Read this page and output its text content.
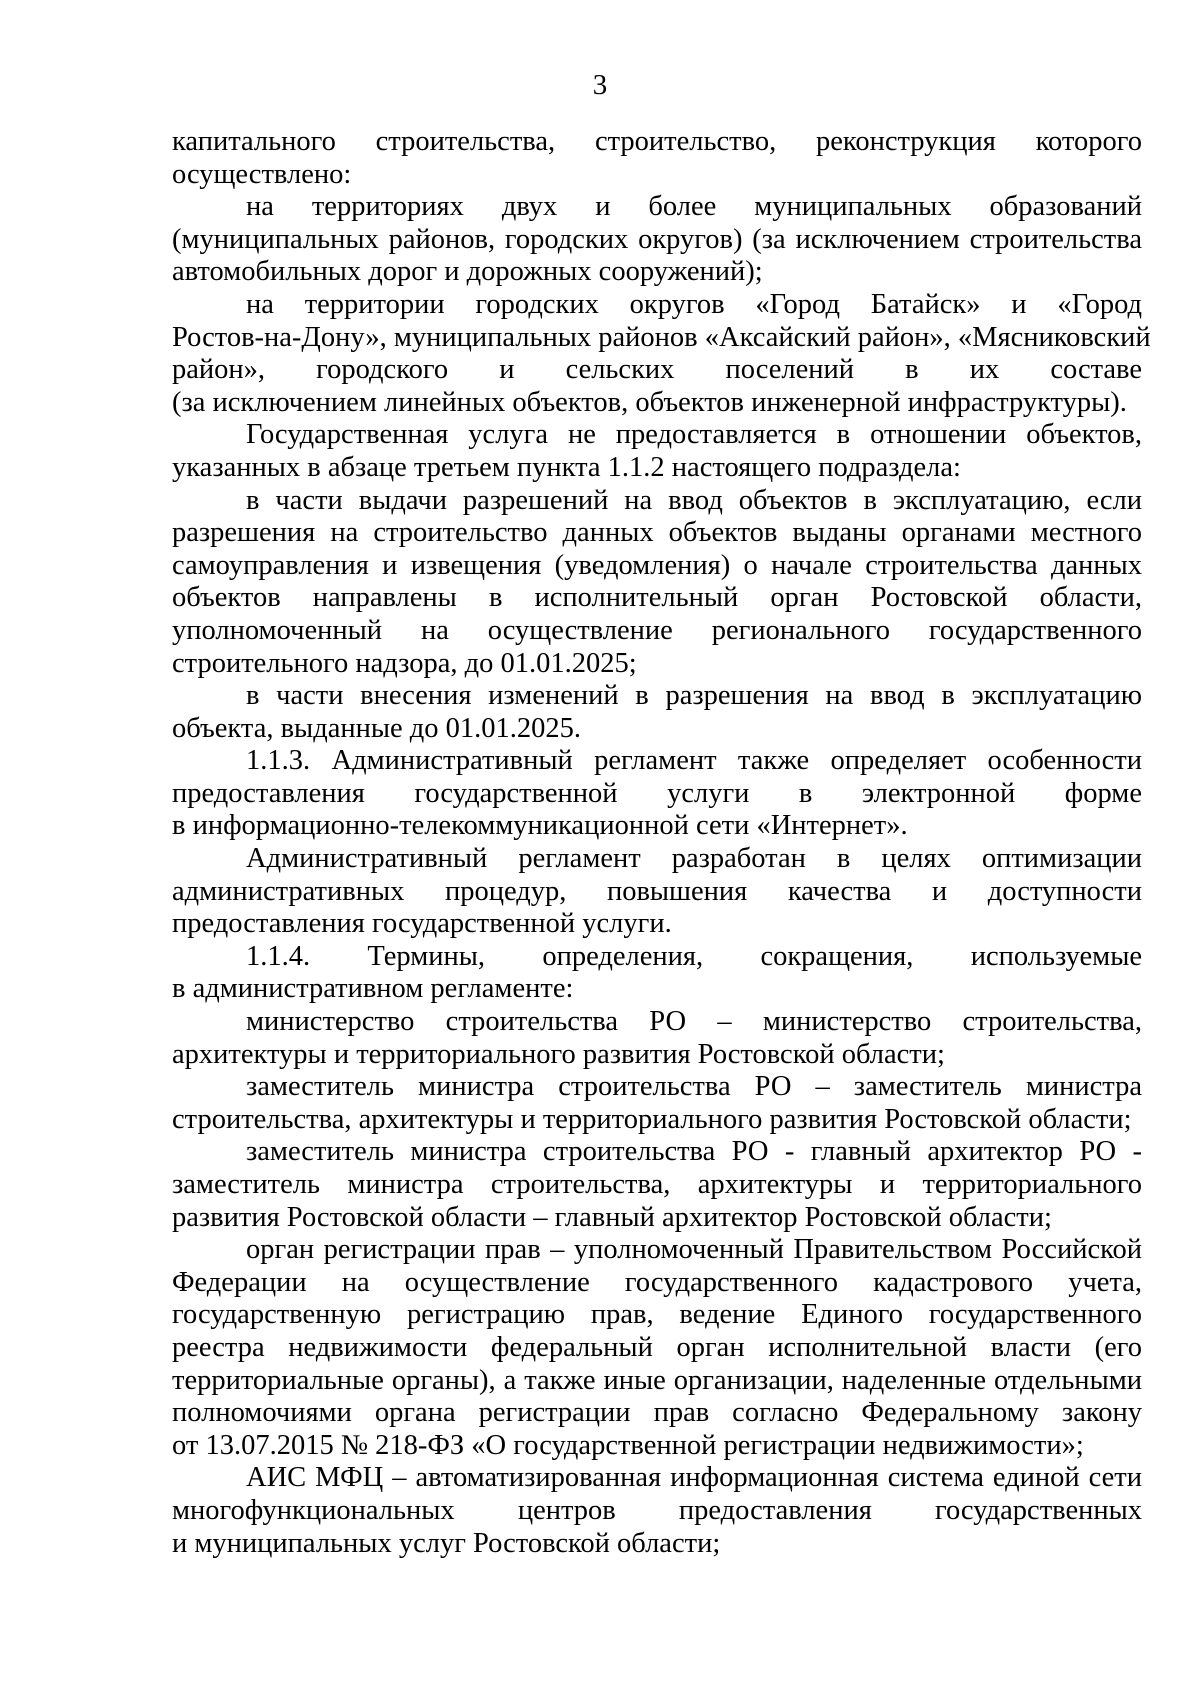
3
капитального строительства, строительство, реконструкция которого
осуществлено:
на территориях двух и более муниципальных образований
(муниципальных районов, городских округов) (за исключением строительства
автомобильных дорог и дорожных сооружений);
на территории городских округов «Город Батайск» и «Город
Ростов-на-Дону», муниципальных районов «Аксайский район», «Мясниковский
район», городского и сельских поселений в их составе
(за исключением линейных объектов, объектов инженерной инфраструктуры).
Государственная услуга не предоставляется в отношении объектов,
указанных в абзаце третьем пункта 1.1.2 настоящего подраздела:
в части выдачи разрешений на ввод объектов в эксплуатацию, если
разрешения на строительство данных объектов выданы органами местного
самоуправления и извещения (уведомления) о начале строительства данных
объектов направлены в исполнительный орган Ростовской области,
уполномоченный на осуществление регионального государственного
строительного надзора, до 01.01.2025;
в части внесения изменений в разрешения на ввод в эксплуатацию
объекта, выданные до 01.01.2025.
1.1.3. Административный регламент также определяет особенности
предоставления государственной услуги в электронной форме
в информационно-телекоммуникационной сети «Интернет».
Административный регламент разработан в целях оптимизации
административных процедур, повышения качества и доступности
предоставления государственной услуги.
1.1.4. Термины, определения, сокращения, используемые
в административном регламенте:
министерство строительства РО – министерство строительства,
архитектуры и территориального развития Ростовской области;
заместитель министра строительства РО – заместитель министра
строительства, архитектуры и территориального развития Ростовской области;
заместитель министра строительства РО - главный архитектор РО -
заместитель министра строительства, архитектуры и территориального
развития Ростовской области – главный архитектор Ростовской области;
орган регистрации прав – уполномоченный Правительством Российской
Федерации на осуществление государственного кадастрового учета,
государственную регистрацию прав, ведение Единого государственного
реестра недвижимости федеральный орган исполнительной власти (его
территориальные органы), а также иные организации, наделенные отдельными
полномочиями органа регистрации прав согласно Федеральному закону
от 13.07.2015 № 218-ФЗ «О государственной регистрации недвижимости»;
АИС МФЦ – автоматизированная информационная система единой сети
многофункциональных центров предоставления государственных
и муниципальных услуг Ростовской области;
